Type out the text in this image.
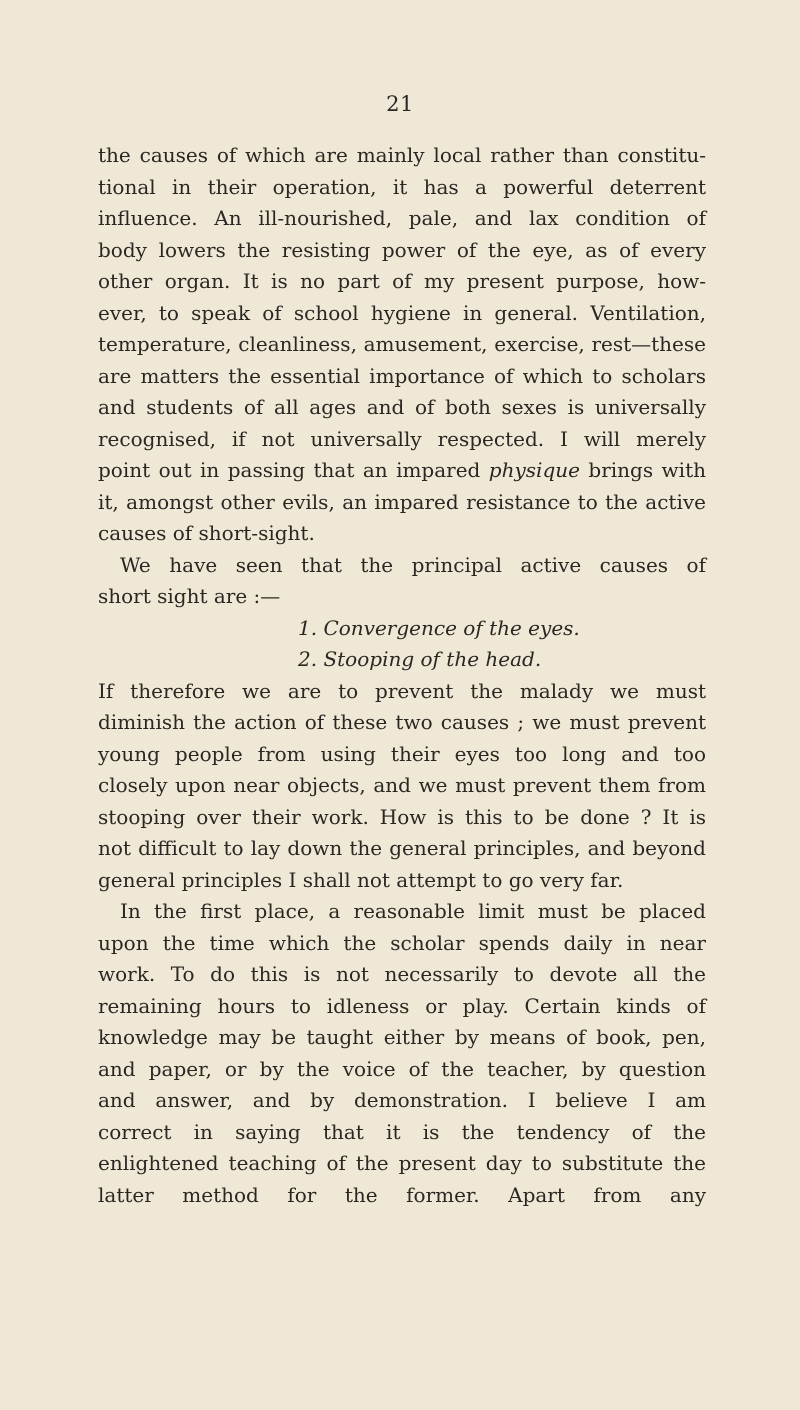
21
the causes of which are mainly local rather than constitu-
tional in their operation, it has a powerful deterrent
influence. An ill-nourished, pale, and lax condition of
body lowers the resisting power of the eye, as of every
other organ. It is no part of my present purpose, how-
ever, to speak of school hygiene in general. Ventilation,
temperature, cleanliness, amusement, exercise, rest—these
are matters the essential importance of which to scholars
and students of all ages and of both sexes is universally
recognised, if not universally respected. I will merely
point out in passing that an impared physique brings with
it, amongst other evils, an impared resistance to the active
causes of short-sight.
We have seen that the principal active causes of
short sight are :—
1. Convergence of the eyes.
2. Stooping of the head.
If therefore we are to prevent the malady we must
diminish the action of these two causes ; we must prevent
young people from using their eyes too long and too
closely upon near objects, and we must prevent them from
stooping over their work. How is this to be done ? It is
not difficult to lay down the general principles, and beyond
general principles I shall not attempt to go very far.
In the first place, a reasonable limit must be placed
upon the time which the scholar spends daily in near
work. To do this is not necessarily to devote all the
remaining hours to idleness or play. Certain kinds of
knowledge may be taught either by means of book, pen,
and paper, or by the voice of the teacher, by question
and answer, and by demonstration. I believe I am
correct in saying that it is the tendency of the
enlightened teaching of the present day to substitute the
latter method for the former. Apart from any
